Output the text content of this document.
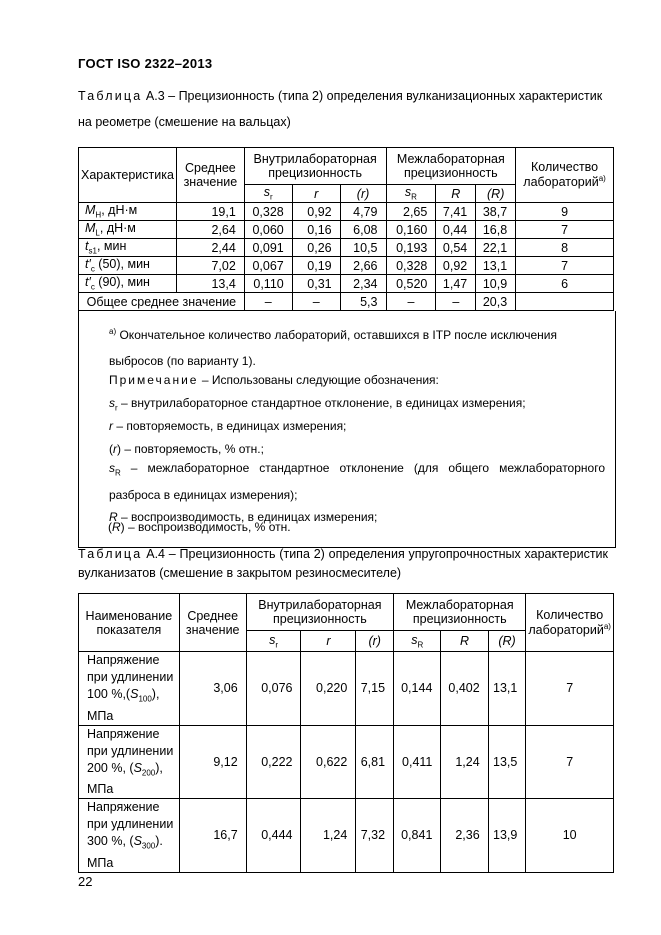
ГОСТ ISO 2322–2013
Таблица А.3 – Прецизионность (типа 2) определения вулканизационных характеристик на реометре (смешение на вальцах)
Характеристика	Среднее значение	Внутрилабораторная прецизионность			Межлабораторная прецизионность			Количество лабораторий$^{а)}$
		$s_r$	r	(r)	$s_R$	R	(R)	
$M_H$, дН·м	19,1	0,328	0,92	4,79	2,65	7,41	38,7	9
$M_L$, дН·м	2,64	0,060	0,16	6,08	0,160	0,44	16,8	7
$t_{s1}$, мин	2,44	0,091	0,26	10,5	0,193	0,54	22,1	8
$t'_c$ (50), мин	7,02	0,067	0,19	2,66	0,328	0,92	13,1	7
$t'_c$ (90), мин	13,4	0,110	0,31	2,34	0,520	1,47	10,9	6
Общее среднее значение		–	–	5,3	–	–	20,3	

$^{а)}$ Окончательное количество лабораторий, оставшихся в ITP после исключения выбросов (по варианту 1).

Примечание – Использованы следующие обозначения:

$s_r$ – внутрилабораторное стандартное отклонение, в единицах измерения;

r – повторяемость, в единицах измерения;

(r) – повторяемость, % отн.;

$s_R$ – межлабораторное стандартное отклонение (для общего межлабораторного разброса в единицах измерения);

R – воспроизводимость, в единицах измерения;

(R) – воспроизводимость, % отн.
Таблица А.4 – Прецизионность (типа 2) определения упругопрочностных характеристик вулканизатов (смешение в закрытом резиносмесителе)
Наименование показателя	Среднее значение	Внутрилабораторная прецизионность			Межлабораторная прецизионность			Количество лабораторий$^{а)}$
		$s_r$	r	(r)	$s_R$	R	(R)	
Напряжение
при удлинении
100 $\%,(S_{100})$,
МПа	3,06	0,076	0,220	7,15	0,144	0,402	13,1	7
Напряжение
при удлинении
200 %, $(S_{200})$,
МПа	9,12	0,222	0,622	6,81	0,411	1,24	13,5	7
Напряжение
при удлинении
300 %, $(S_{300})$.
МПа	16,7	0,444	1,24	7,32	0,841	2,36	13,9	10
22
